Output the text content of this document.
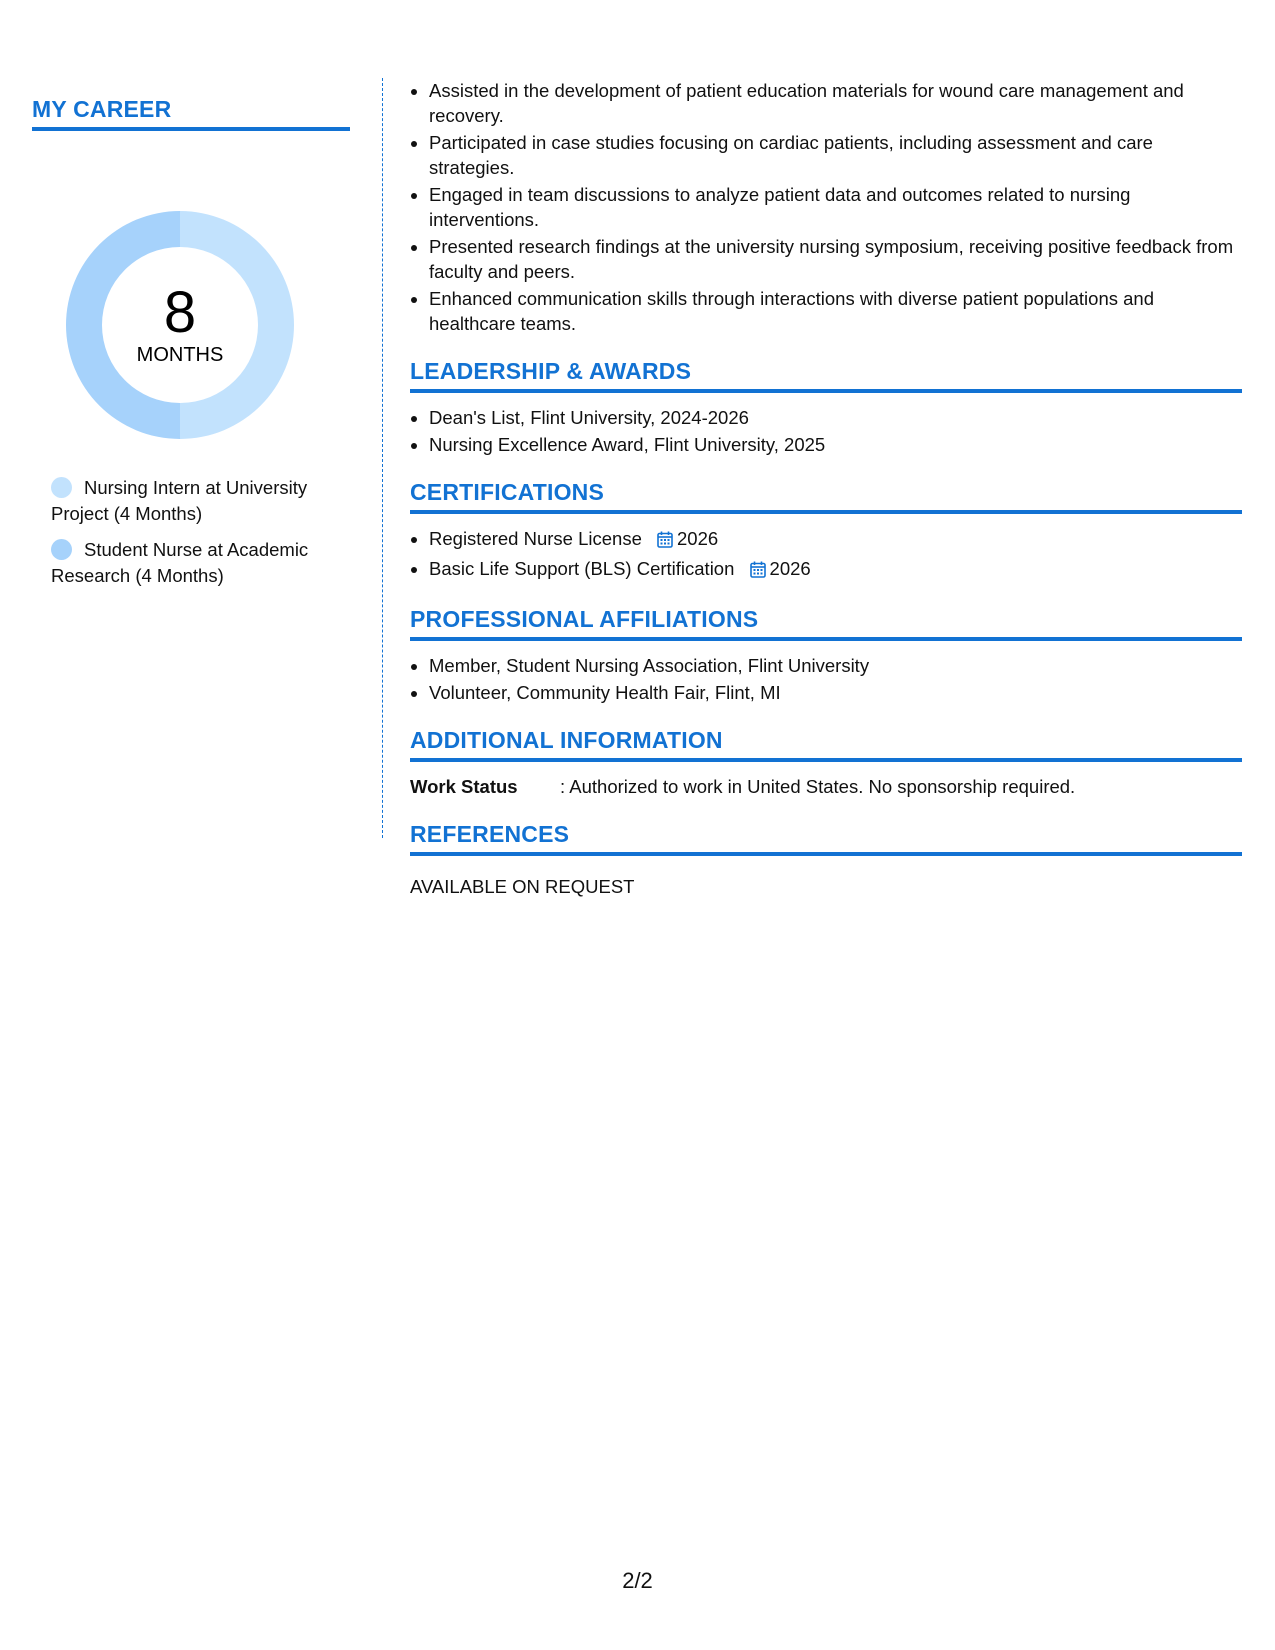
MY CAREER
8
MONTHS
Nursing Intern at University Project (4 Months)
Student Nurse at Academic Research (4 Months)
• Assisted in the development of patient education materials for wound care management and recovery.
• Participated in case studies focusing on cardiac patients, including assessment and care strategies.
• Engaged in team discussions to analyze patient data and outcomes related to nursing interventions.
• Presented research findings at the university nursing symposium, receiving positive feedback from faculty and peers.
• Enhanced communication skills through interactions with diverse patient populations and healthcare teams.
LEADERSHIP & AWARDS
• Dean's List, Flint University, 2024-2026
• Nursing Excellence Award, Flint University, 2025
CERTIFICATIONS
• Registered Nurse License 2026
• Basic Life Support (BLS) Certification 2026
PROFESSIONAL AFFILIATIONS
• Member, Student Nursing Association, Flint University
• Volunteer, Community Health Fair, Flint, MI
ADDITIONAL INFORMATION
Work Status : Authorized to work in United States. No sponsorship required.
REFERENCES
AVAILABLE ON REQUEST
2/2
